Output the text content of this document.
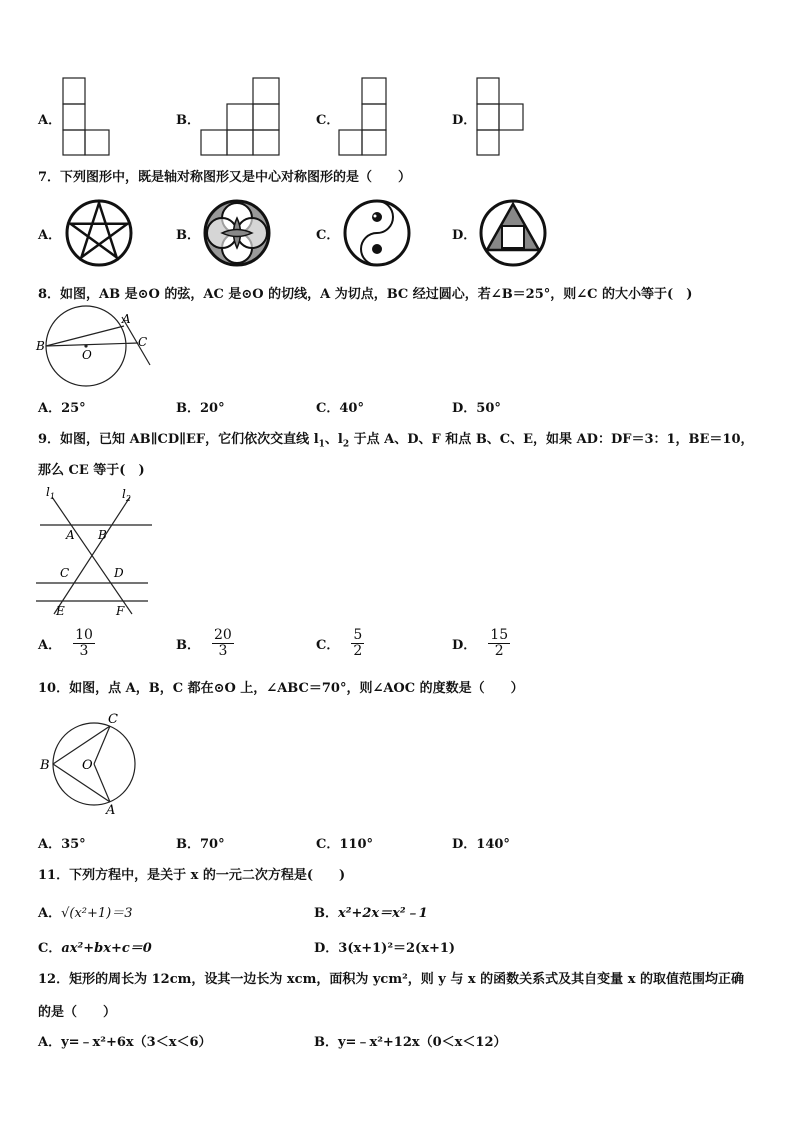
A．	B．	C．	D．
7．下列图形中，既是轴对称图形又是中心对称图形的是（　　）
A．	B．	C．	D．
8．如图，AB 是⊙O 的弦，AC 是⊙O 的切线，A 为切点，BC 经过圆心，若∠B＝25°，则∠C 的大小等于(　)
B
O
A
C
A．25°	B．20°	C．40°	D．50°
9．如图，已知 AB∥CD∥EF，它们依次交直线 $l_1$、$l_2$ 于点 A、D、F 和点 B、C、E，如果 AD：DF＝3：1，BE＝10，
那么 CE 等于(　)
$l_1$	$l_2$
A B
C	D
E	F
A． $\frac{10}{3}$	B． $\frac{20}{3}$	C． $\frac{5}{2}$	D． $\frac{15}{2}$
10．如图，点 A，B，C 都在⊙O 上，∠ABC＝70°，则∠AOC 的度数是（　　）
B O
C
A
A．35°	B．70°	C．110°	D．140°
11．下列方程中，是关于 x 的一元二次方程是(　　)
A．√(x²+1)＝3	B．x²+2x＝x²﹣1
C．ax²+bx+c＝0	D．3(x+1)²＝2(x+1)
12．矩形的周长为 12cm，设其一边长为 xcm，面积为 ycm²，则 y 与 x 的函数关系式及其自变量 x 的取值范围均正确
的是（　　）
A．y=﹣x²+6x（3＜x＜6）	B．y=﹣x²+12x（0＜x＜12）
